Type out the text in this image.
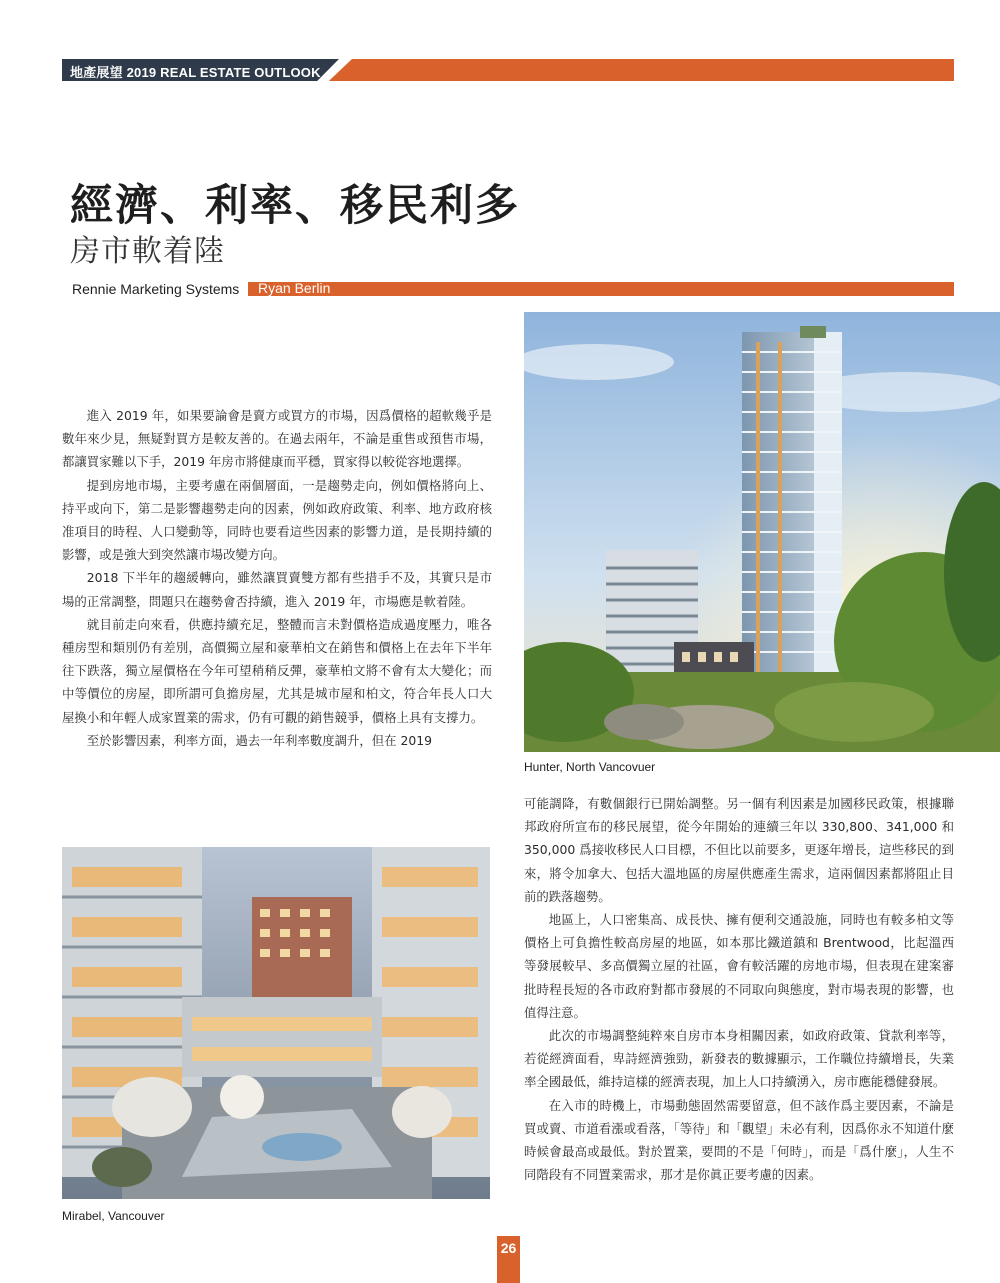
地產展望 2019 REAL ESTATE OUTLOOK
經濟、利率、移民利多
房市軟着陸
Rennie Marketing Systems Ryan Berlin
Hunter, North Vancovuer

進入 2019 年，如果要論會是賣方或買方的市場，因爲價格的超軟幾乎是數年來少見，無疑對買方是較友善的。在過去兩年，不論是重售或預售市場，都讓買家難以下手，2019 年房市將健康而平穩，買家得以較從容地選擇。

提到房地市場，主要考慮在兩個層面，一是趨勢走向，例如價格將向上、持平或向下，第二是影響趨勢走向的因素，例如政府政策、利率、地方政府核准項目的時程、人口變動等，同時也要看這些因素的影響力道，是長期持續的影響，或是強大到突然讓市場改變方向。

2018 下半年的趨緩轉向，雖然讓買賣雙方都有些措手不及，其實只是市場的正常調整，問題只在趨勢會否持續，進入 2019 年，市場應是軟着陸。

就目前走向來看，供應持續充足，整體而言未對價格造成過度壓力，唯各種房型和類別仍有差別，高價獨立屋和豪華柏文在銷售和價格上在去年下半年往下跌落，獨立屋價格在今年可望稍稍反彈，豪華柏文將不會有太大變化；而中等價位的房屋，即所謂可負擔房屋，尤其是城市屋和柏文，符合年長人口大屋換小和年輕人成家置業的需求，仍有可觀的銷售競爭，價格上具有支撐力。

至於影響因素，利率方面，過去一年利率數度調升，但在 2019

Mirabel, Vancouver

可能調降，有數個銀行已開始調整。另一個有利因素是加國移民政策，根據聯邦政府所宣布的移民展望，從今年開始的連續三年以 330,800、341,000 和 350,000 爲接收移民人口目標，不但比以前要多，更逐年增長，這些移民的到來，將令加拿大、包括大溫地區的房屋供應產生需求，這兩個因素都將阻止目前的跌落趨勢。

地區上，人口密集高、成長快、擁有便利交通設施，同時也有較多柏文等價格上可負擔性較高房屋的地區，如本那比鐵道鎮和 Brentwood，比起溫西等發展較早、多高價獨立屋的社區，會有較活躍的房地市場，但表現在建案審批時程長短的各市政府對都市發展的不同取向與態度，對市場表現的影響，也值得注意。

此次的市場調整純粹來自房市本身相關因素，如政府政策、貸款利率等，若從經濟面看，卑詩經濟強勁，新發表的數據顯示，工作職位持續增長，失業率全國最低，維持這樣的經濟表現，加上人口持續湧入，房市應能穩健發展。

在入市的時機上，市場動態固然需要留意，但不該作爲主要因素，不論是買或賣、市道看漲或看落，「等待」和「觀望」未必有利，因爲你永不知道什麼時候會最高或最低。對於置業，要問的不是「何時」，而是「爲什麼」，人生不同階段有不同置業需求，那才是你眞正要考慮的因素。

26
